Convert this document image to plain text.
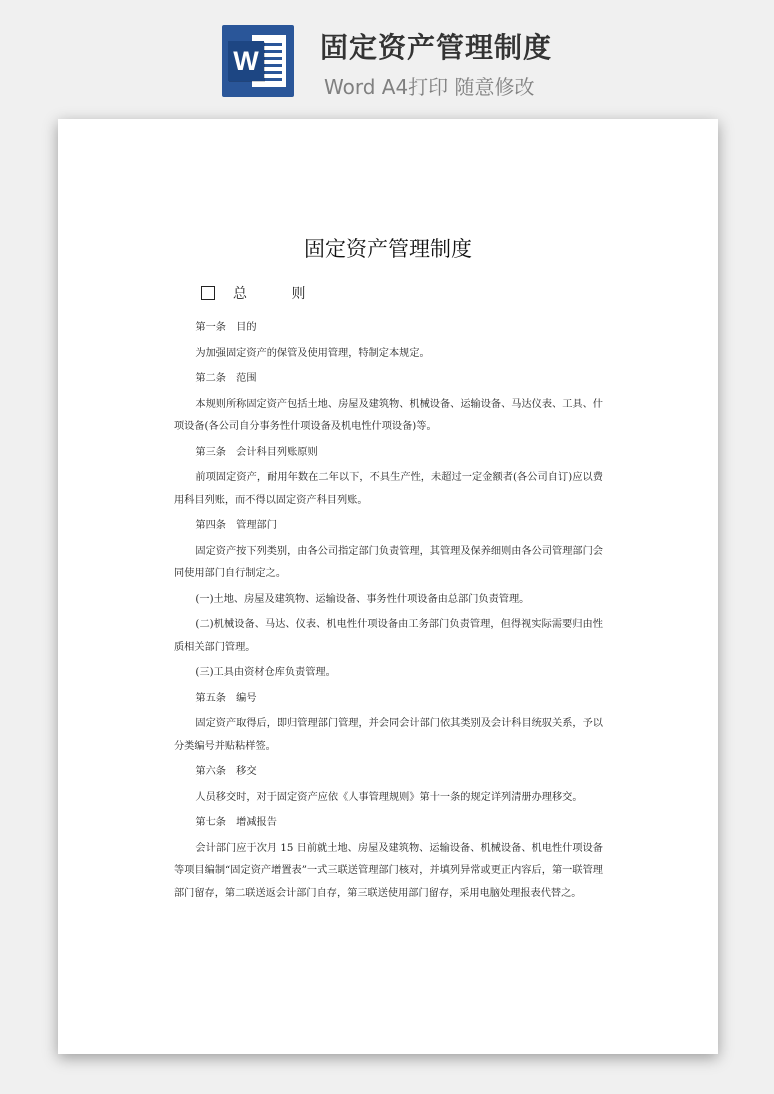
W 固定资产管理制度
Word A4打印 随意修改

固定资产管理制度
总 则

第一条　目的

为加强固定资产的保管及使用管理，特制定本规定。

第二条　范围

本规则所称固定资产包括土地、房屋及建筑物、机械设备、运输设备、马达仪表、工具、什项设备(各公司自分事务性什项设备及机电性什项设备)等。

第三条　会计科目列账原则

前项固定资产，耐用年数在二年以下，不具生产性，未超过一定金额者(各公司自订)应以费用科目列账，而不得以固定资产科目列账。

第四条　管理部门

固定资产按下列类别，由各公司指定部门负责管理，其管理及保养细则由各公司管理部门会同使用部门自行制定之。

(一)土地、房屋及建筑物、运输设备、事务性什项设备由总部门负责管理。

(二)机械设备、马达、仪表、机电性什项设备由工务部门负责管理，但得视实际需要归由性质相关部门管理。

(三)工具由资材仓库负责管理。

第五条　编号

固定资产取得后，即归管理部门管理，并会同会计部门依其类别及会计科目统驭关系，予以分类编号并贴粘样签。

第六条　移交

人员移交时，对于固定资产应依《人事管理规则》第十一条的规定详列清册办理移交。

第七条　增减报告

会计部门应于次月 15 日前就土地、房屋及建筑物、运输设备、机械设备、机电性什项设备等项目编制“固定资产增置表”一式三联送管理部门核对，并填列异常或更正内容后，第一联管理部门留存，第二联送返会计部门自存，第三联送使用部门留存，采用电脑处理报表代替之。
